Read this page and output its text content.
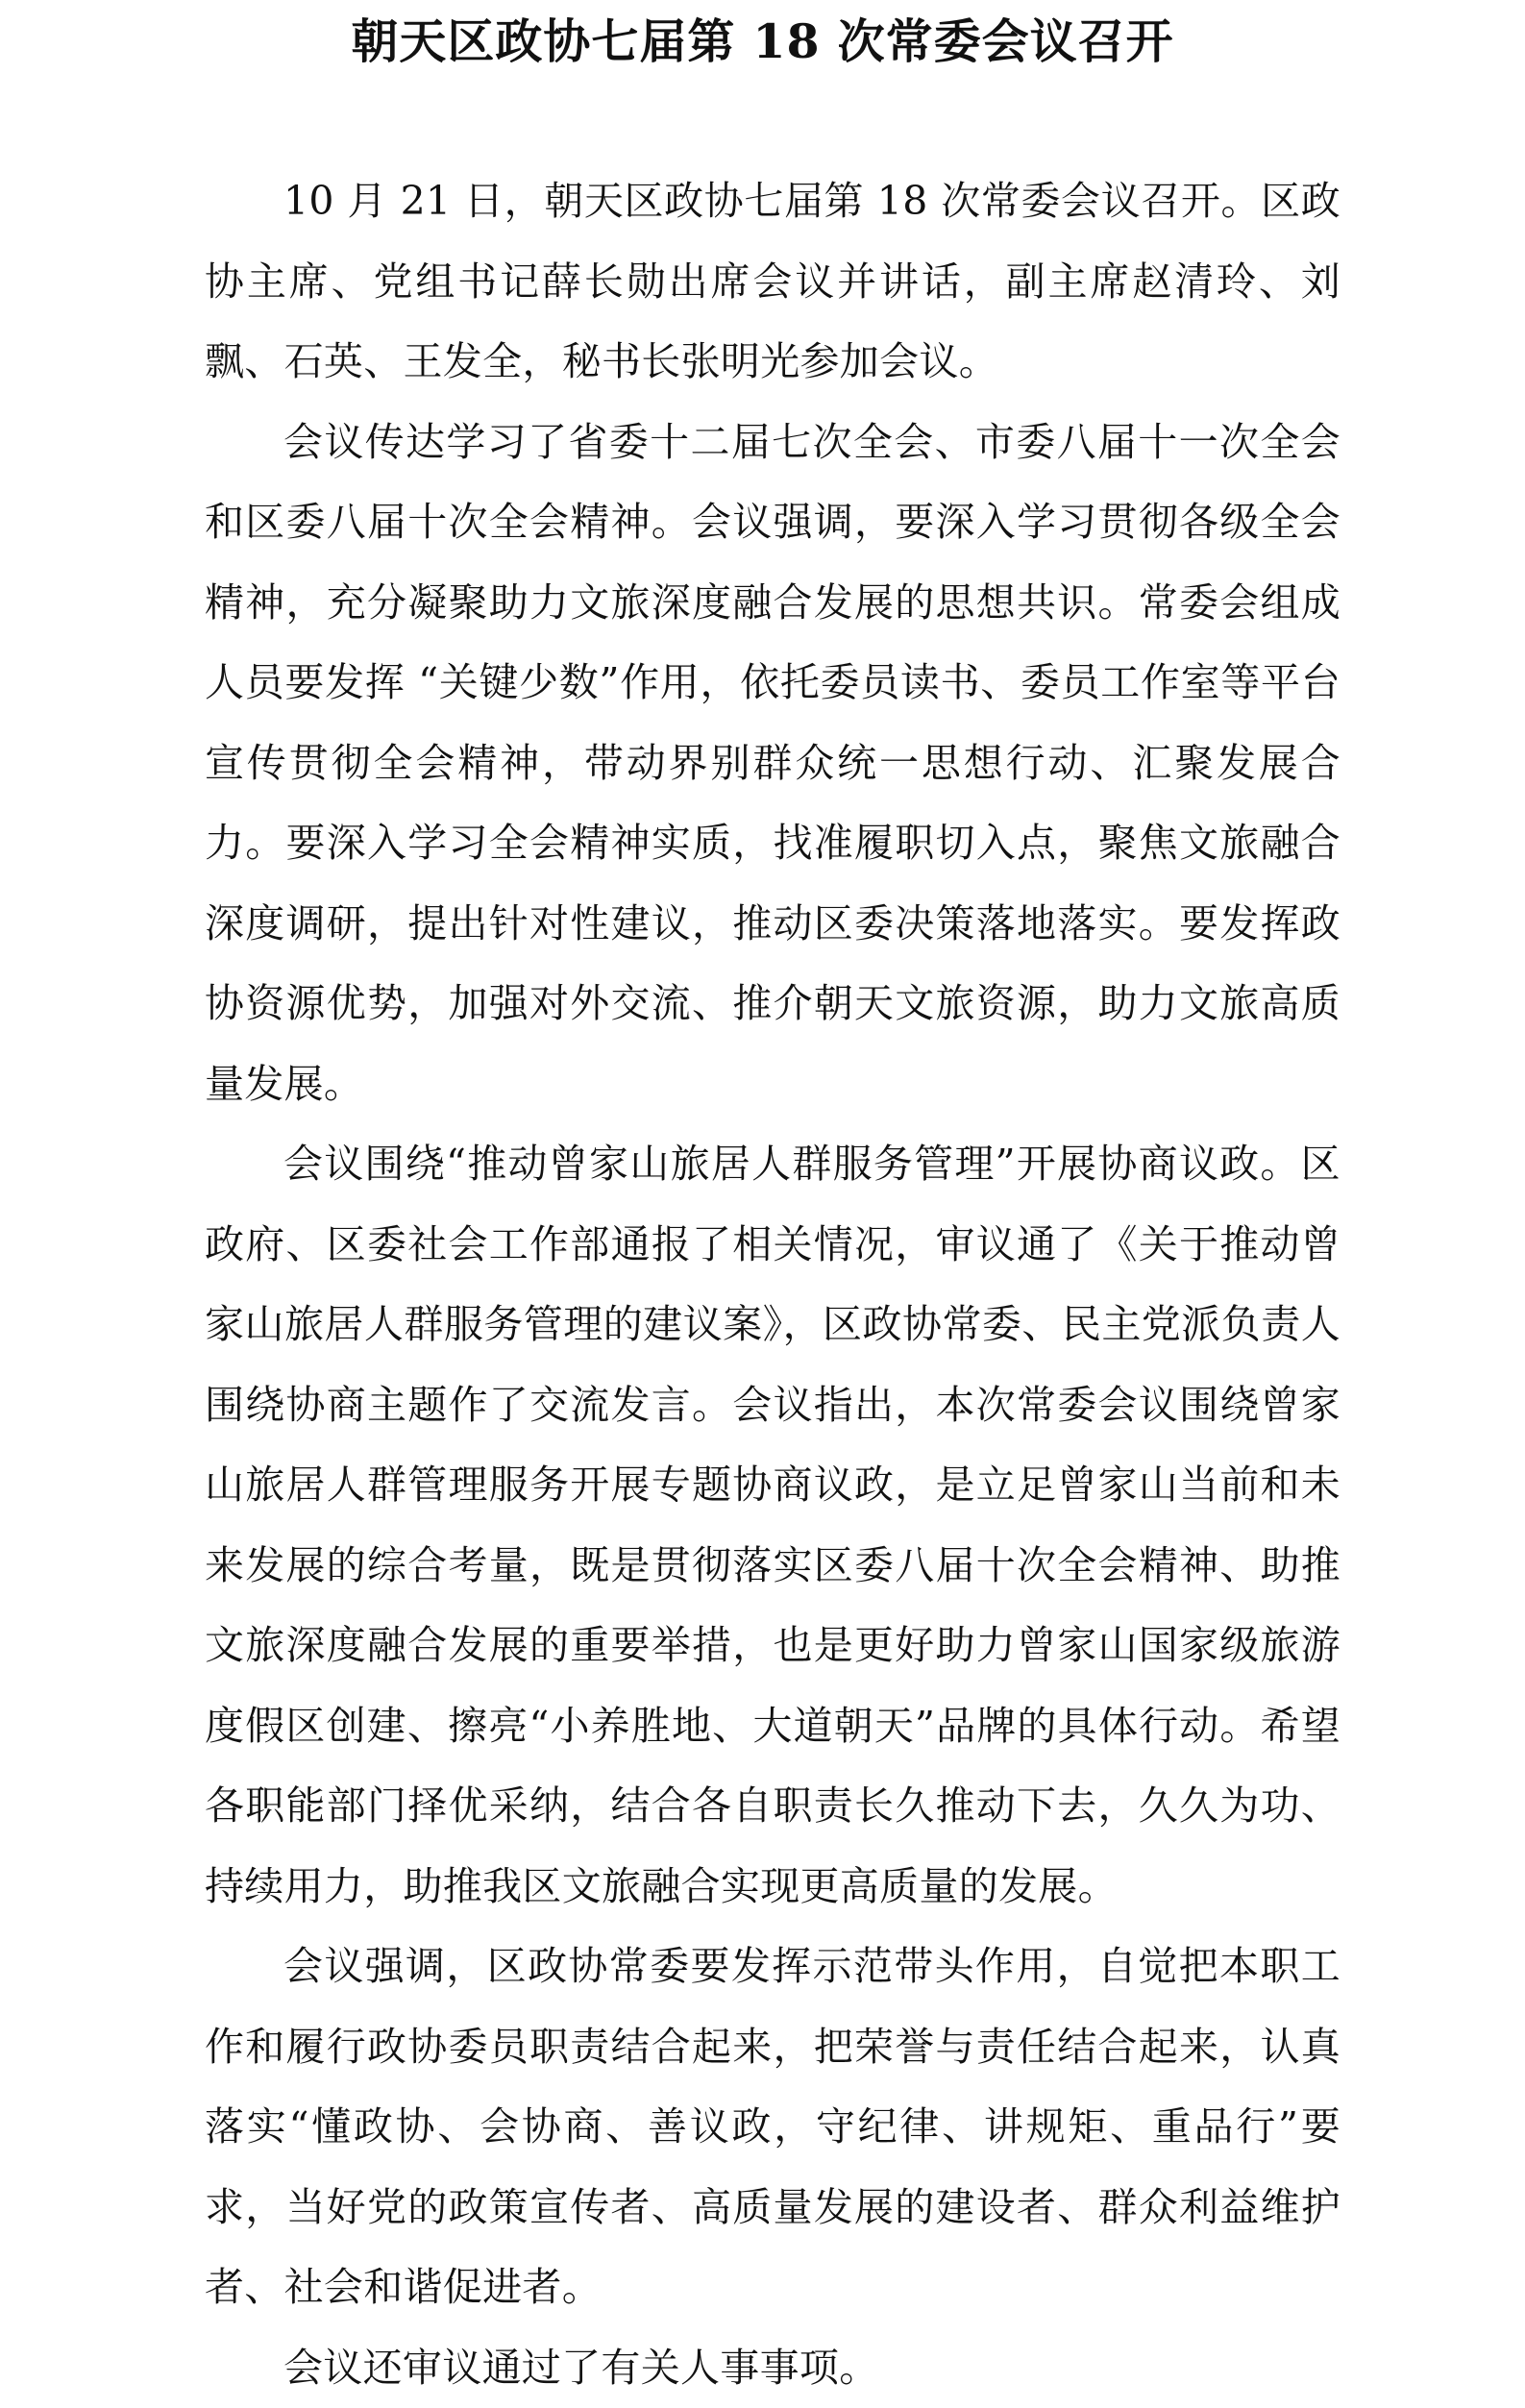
朝天区政协七届第 18 次常委会议召开

10 月 21 日，朝天区政协七届第 18 次常委会议召开。区政协主席、党组书记薛长勋出席会议并讲话，副主席赵清玲、刘飘、石英、王发全，秘书长张明光参加会议。

会议传达学习了省委十二届七次全会、市委八届十一次全会和区委八届十次全会精神。会议强调，要深入学习贯彻各级全会精神，充分凝聚助力文旅深度融合发展的思想共识。常委会组成人员要发挥 “关键少数”作用，依托委员读书、委员工作室等平台宣传贯彻全会精神，带动界别群众统一思想行动、汇聚发展合力。要深入学习全会精神实质，找准履职切入点，聚焦文旅融合深度调研，提出针对性建议，推动区委决策落地落实。要发挥政协资源优势，加强对外交流、推介朝天文旅资源，助力文旅高质量发展。

会议围绕“推动曾家山旅居人群服务管理”开展协商议政。区政府、区委社会工作部通报了相关情况，审议通了《关于推动曾家山旅居人群服务管理的建议案》，区政协常委、民主党派负责人围绕协商主题作了交流发言。会议指出，本次常委会议围绕曾家山旅居人群管理服务开展专题协商议政，是立足曾家山当前和未来发展的综合考量，既是贯彻落实区委八届十次全会精神、助推文旅深度融合发展的重要举措，也是更好助力曾家山国家级旅游度假区创建、擦亮“小养胜地、大道朝天”品牌的具体行动。希望各职能部门择优采纳，结合各自职责长久推动下去，久久为功、持续用力，助推我区文旅融合实现更高质量的发展。

会议强调，区政协常委要发挥示范带头作用，自觉把本职工作和履行政协委员职责结合起来，把荣誉与责任结合起来，认真落实“懂政协、会协商、善议政，守纪律、讲规矩、重品行”要求，当好党的政策宣传者、高质量发展的建设者、群众利益维护者、社会和谐促进者。

会议还审议通过了有关人事事项。
